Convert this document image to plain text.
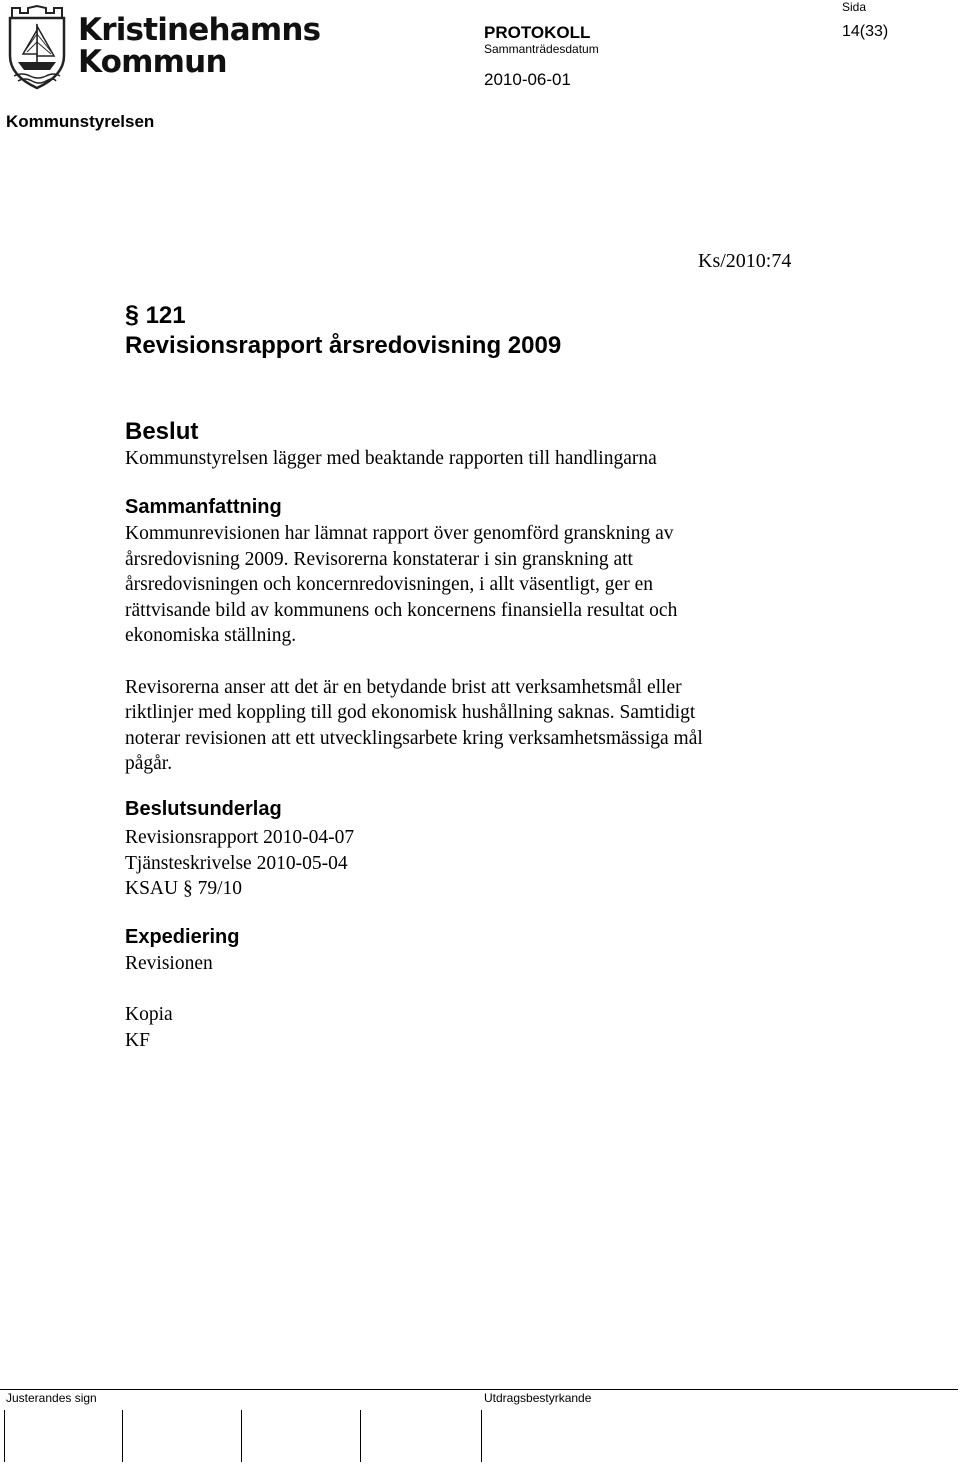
Kristinehamns
Kommun
Sida
14(33)
PROTOKOLL
Sammanträdesdatum
2010-06-01
Kommunstyrelsen
Ks/2010:74
§ 121
Revisionsrapport årsredovisning 2009
Beslut
Kommunstyrelsen lägger med beaktande rapporten till handlingarna
Sammanfattning

Kommunrevisionen har lämnat rapport över genomförd granskning av
årsredovisning 2009. Revisorerna konstaterar i sin granskning att
årsredovisningen och koncernredovisningen, i allt väsentligt, ger en
rättvisande bild av kommunens och koncernens finansiella resultat och
ekonomiska ställning.

Revisorerna anser att det är en betydande brist att verksamhetsmål eller
riktlinjer med koppling till god ekonomisk hushållning saknas. Samtidigt
noterar revisionen att ett utvecklingsarbete kring verksamhetsmässiga mål
pågår.

Beslutsunderlag
Revisionsrapport 2010-04-07
Tjänsteskrivelse 2010-05-04
KSAU § 79/10
Expediering
Revisionen
Kopia
KF
Justerandes sign	Utdragsbestyrkande
